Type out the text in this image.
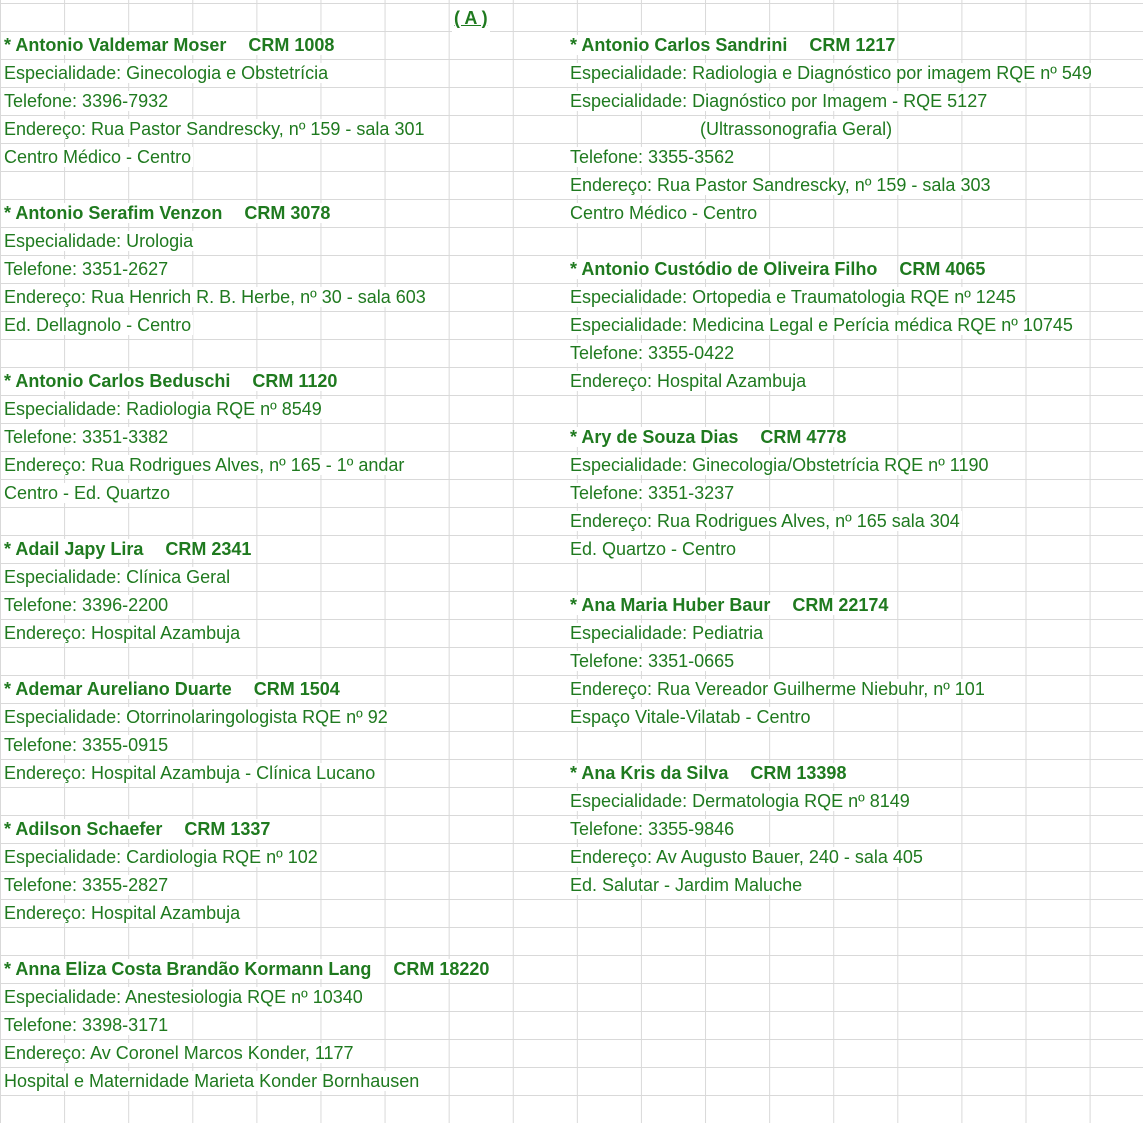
( A )
* Antonio Valdemar Moser CRM 1008
Especialidade: Ginecologia e Obstetrícia
Telefone: 3396-7932
Endereço: Rua Pastor Sandrescky, nº 159 - sala 301
Centro Médico - Centro
* Antonio Serafim Venzon CRM 3078
Especialidade: Urologia
Telefone: 3351-2627
Endereço: Rua Henrich R. B. Herbe, nº 30 - sala 603
Ed. Dellagnolo - Centro
* Antonio Carlos Beduschi CRM 1120
Especialidade: Radiologia RQE nº 8549
Telefone: 3351-3382
Endereço: Rua Rodrigues Alves, nº 165 - 1º andar
Centro - Ed. Quartzo
* Adail Japy Lira CRM 2341
Especialidade: Clínica Geral
Telefone: 3396-2200
Endereço: Hospital Azambuja
* Ademar Aureliano Duarte CRM 1504
Especialidade: Otorrinolaringologista RQE nº 92
Telefone: 3355-0915
Endereço: Hospital Azambuja - Clínica Lucano
* Adilson Schaefer CRM 1337
Especialidade: Cardiologia RQE nº 102
Telefone: 3355-2827
Endereço: Hospital Azambuja
* Anna Eliza Costa Brandão Kormann Lang CRM 18220
Especialidade: Anestesiologia RQE nº 10340
Telefone: 3398-3171
Endereço: Av Coronel Marcos Konder, 1177
Hospital e Maternidade Marieta Konder Bornhausen
* Antonio Carlos Sandrini CRM 1217
Especialidade: Radiologia e Diagnóstico por imagem RQE nº 549
Especialidade: Diagnóstico por Imagem - RQE 5127
(Ultrassonografia Geral)
Telefone: 3355-3562
Endereço: Rua Pastor Sandrescky, nº 159 - sala 303
Centro Médico - Centro
* Antonio Custódio de Oliveira Filho CRM 4065
Especialidade: Ortopedia e Traumatologia RQE nº 1245
Especialidade: Medicina Legal e Perícia médica RQE nº 10745
Telefone: 3355-0422
Endereço: Hospital Azambuja
* Ary de Souza Dias CRM 4778
Especialidade: Ginecologia/Obstetrícia RQE nº 1190
Telefone: 3351-3237
Endereço: Rua Rodrigues Alves, nº 165 sala 304
Ed. Quartzo - Centro
* Ana Maria Huber Baur CRM 22174
Especialidade: Pediatria
Telefone: 3351-0665
Endereço: Rua Vereador Guilherme Niebuhr, nº 101
Espaço Vitale-Vilatab - Centro
* Ana Kris da Silva CRM 13398
Especialidade: Dermatologia RQE nº 8149
Telefone: 3355-9846
Endereço: Av Augusto Bauer, 240 - sala 405
Ed. Salutar - Jardim Maluche
